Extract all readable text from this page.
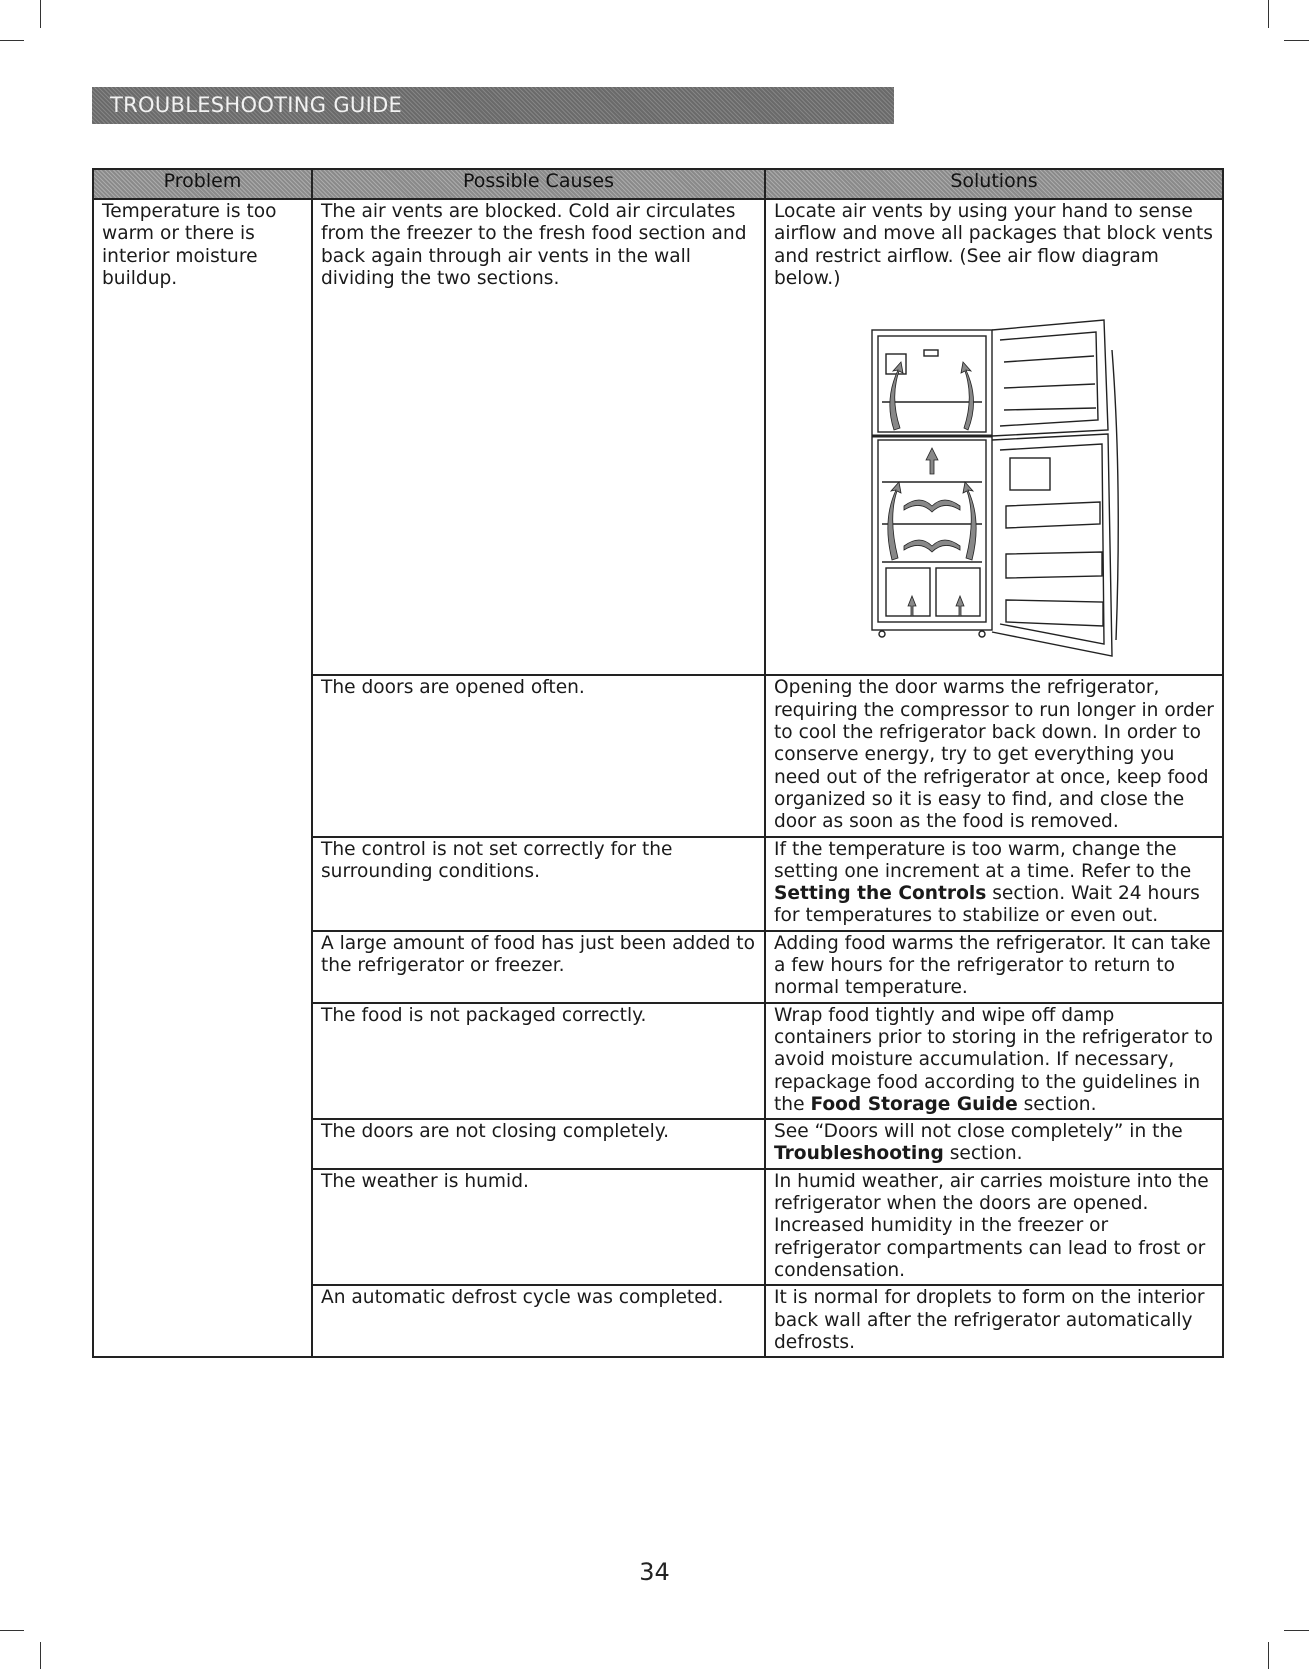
TROUBLESHOOTING GUIDE
Problem	Possible Causes	Solutions
Temperature is too warm or there is interior moisture buildup.	The air vents are blocked. Cold air circulates from the freezer to the fresh food section and back again through air vents in the wall dividing the two sections.	Locate air vents by using your hand to sense airflow and move all packages that block vents and restrict airflow. (See air flow diagram below.)

	The doors are opened often.	Opening the door warms the refrigerator, requiring the compressor to run longer in order to cool the refrigerator back down. In order to conserve energy, try to get everything you need out of the refrigerator at once, keep food organized so it is easy to find, and close the door as soon as the food is removed.
	The control is not set correctly for the surrounding conditions.	If the temperature is too warm, change the setting one increment at a time. Refer to the Setting the Controls section. Wait 24 hours for temperatures to stabilize or even out.
	A large amount of food has just been added to the refrigerator or freezer.	Adding food warms the refrigerator. It can take a few hours for the refrigerator to return to normal temperature.
	The food is not packaged correctly.	Wrap food tightly and wipe off damp containers prior to storing in the refrigerator to avoid moisture accumulation. If necessary, repackage food according to the guidelines in the Food Storage Guide section.
	The doors are not closing completely.	See “Doors will not close completely” in the Troubleshooting section.
	The weather is humid.	In humid weather, air carries moisture into the refrigerator when the doors are opened. Increased humidity in the freezer or refrigerator compartments can lead to frost or condensation.
	An automatic defrost cycle was completed.	It is normal for droplets to form on the interior back wall after the refrigerator automatically defrosts.
34
